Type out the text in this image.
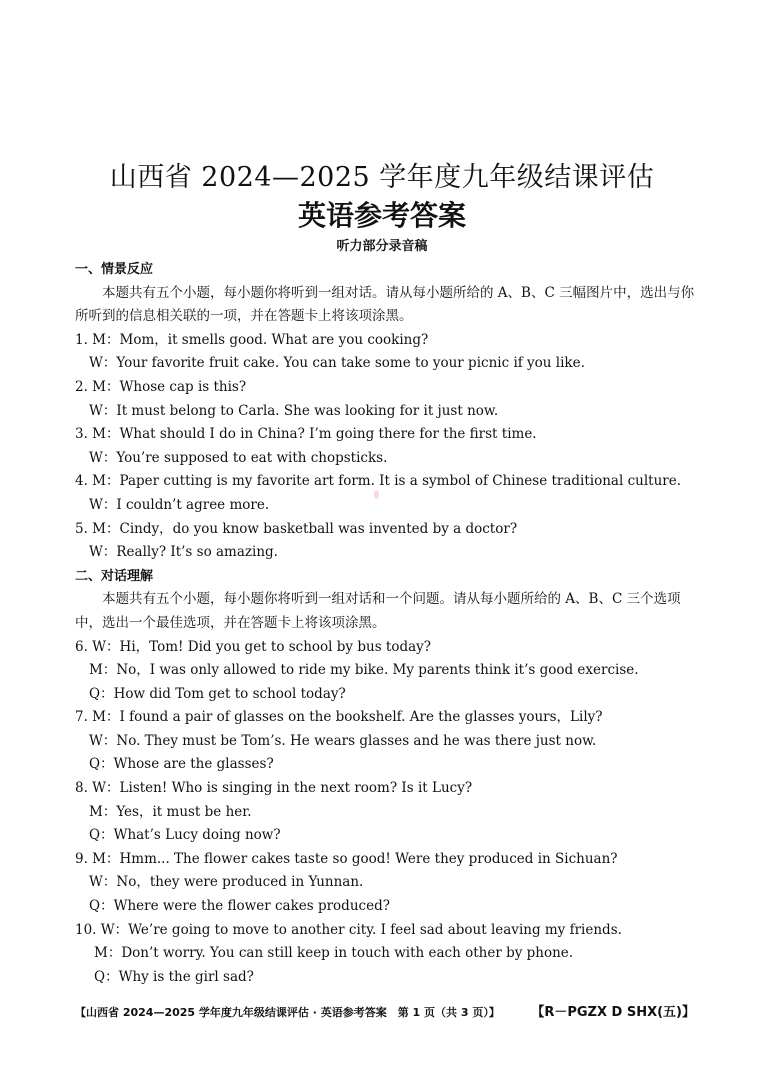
山西省 2024—2025 学年度九年级结课评估
英语参考答案
听力部分录音稿
一、情景反应
本题共有五个小题，每小题你将听到一组对话。请从每小题所给的 A、B、C 三幅图片中，选出与你所听到的信息相关联的一项，并在答题卡上将该项涂黑。
1. M：Mom，it smells good. What are you cooking?
W：Your favorite fruit cake. You can take some to your picnic if you like.
2. M：Whose cap is this?
W：It must belong to Carla. She was looking for it just now.
3. M：What should I do in China? I’m going there for the first time.
W：You’re supposed to eat with chopsticks.
4. M：Paper cutting is my favorite art form. It is a symbol of Chinese traditional culture.
W：I couldn’t agree more.
5. M：Cindy，do you know basketball was invented by a doctor?
W：Really? It’s so amazing.
二、对话理解
本题共有五个小题，每小题你将听到一组对话和一个问题。请从每小题所给的 A、B、C 三个选项中，选出一个最佳选项，并在答题卡上将该项涂黑。
6. W：Hi，Tom! Did you get to school by bus today?
M：No，I was only allowed to ride my bike. My parents think it’s good exercise.
Q：How did Tom get to school today?
7. M：I found a pair of glasses on the bookshelf. Are the glasses yours，Lily?
W：No. They must be Tom’s. He wears glasses and he was there just now.
Q：Whose are the glasses?
8. W：Listen! Who is singing in the next room? Is it Lucy?
M：Yes，it must be her.
Q：What’s Lucy doing now?
9. M：Hmm... The flower cakes taste so good! Were they produced in Sichuan?
W：No，they were produced in Yunnan.
Q：Where were the flower cakes produced?
10. W：We’re going to move to another city. I feel sad about leaving my friends.
M：Don’t worry. You can still keep in touch with each other by phone.
Q：Why is the girl sad?
【山西省 2024—2025 学年度九年级结课评估 · 英语参考答案　第 1 页（共 3 页）】 【R－PGZX D SHX(五)】
